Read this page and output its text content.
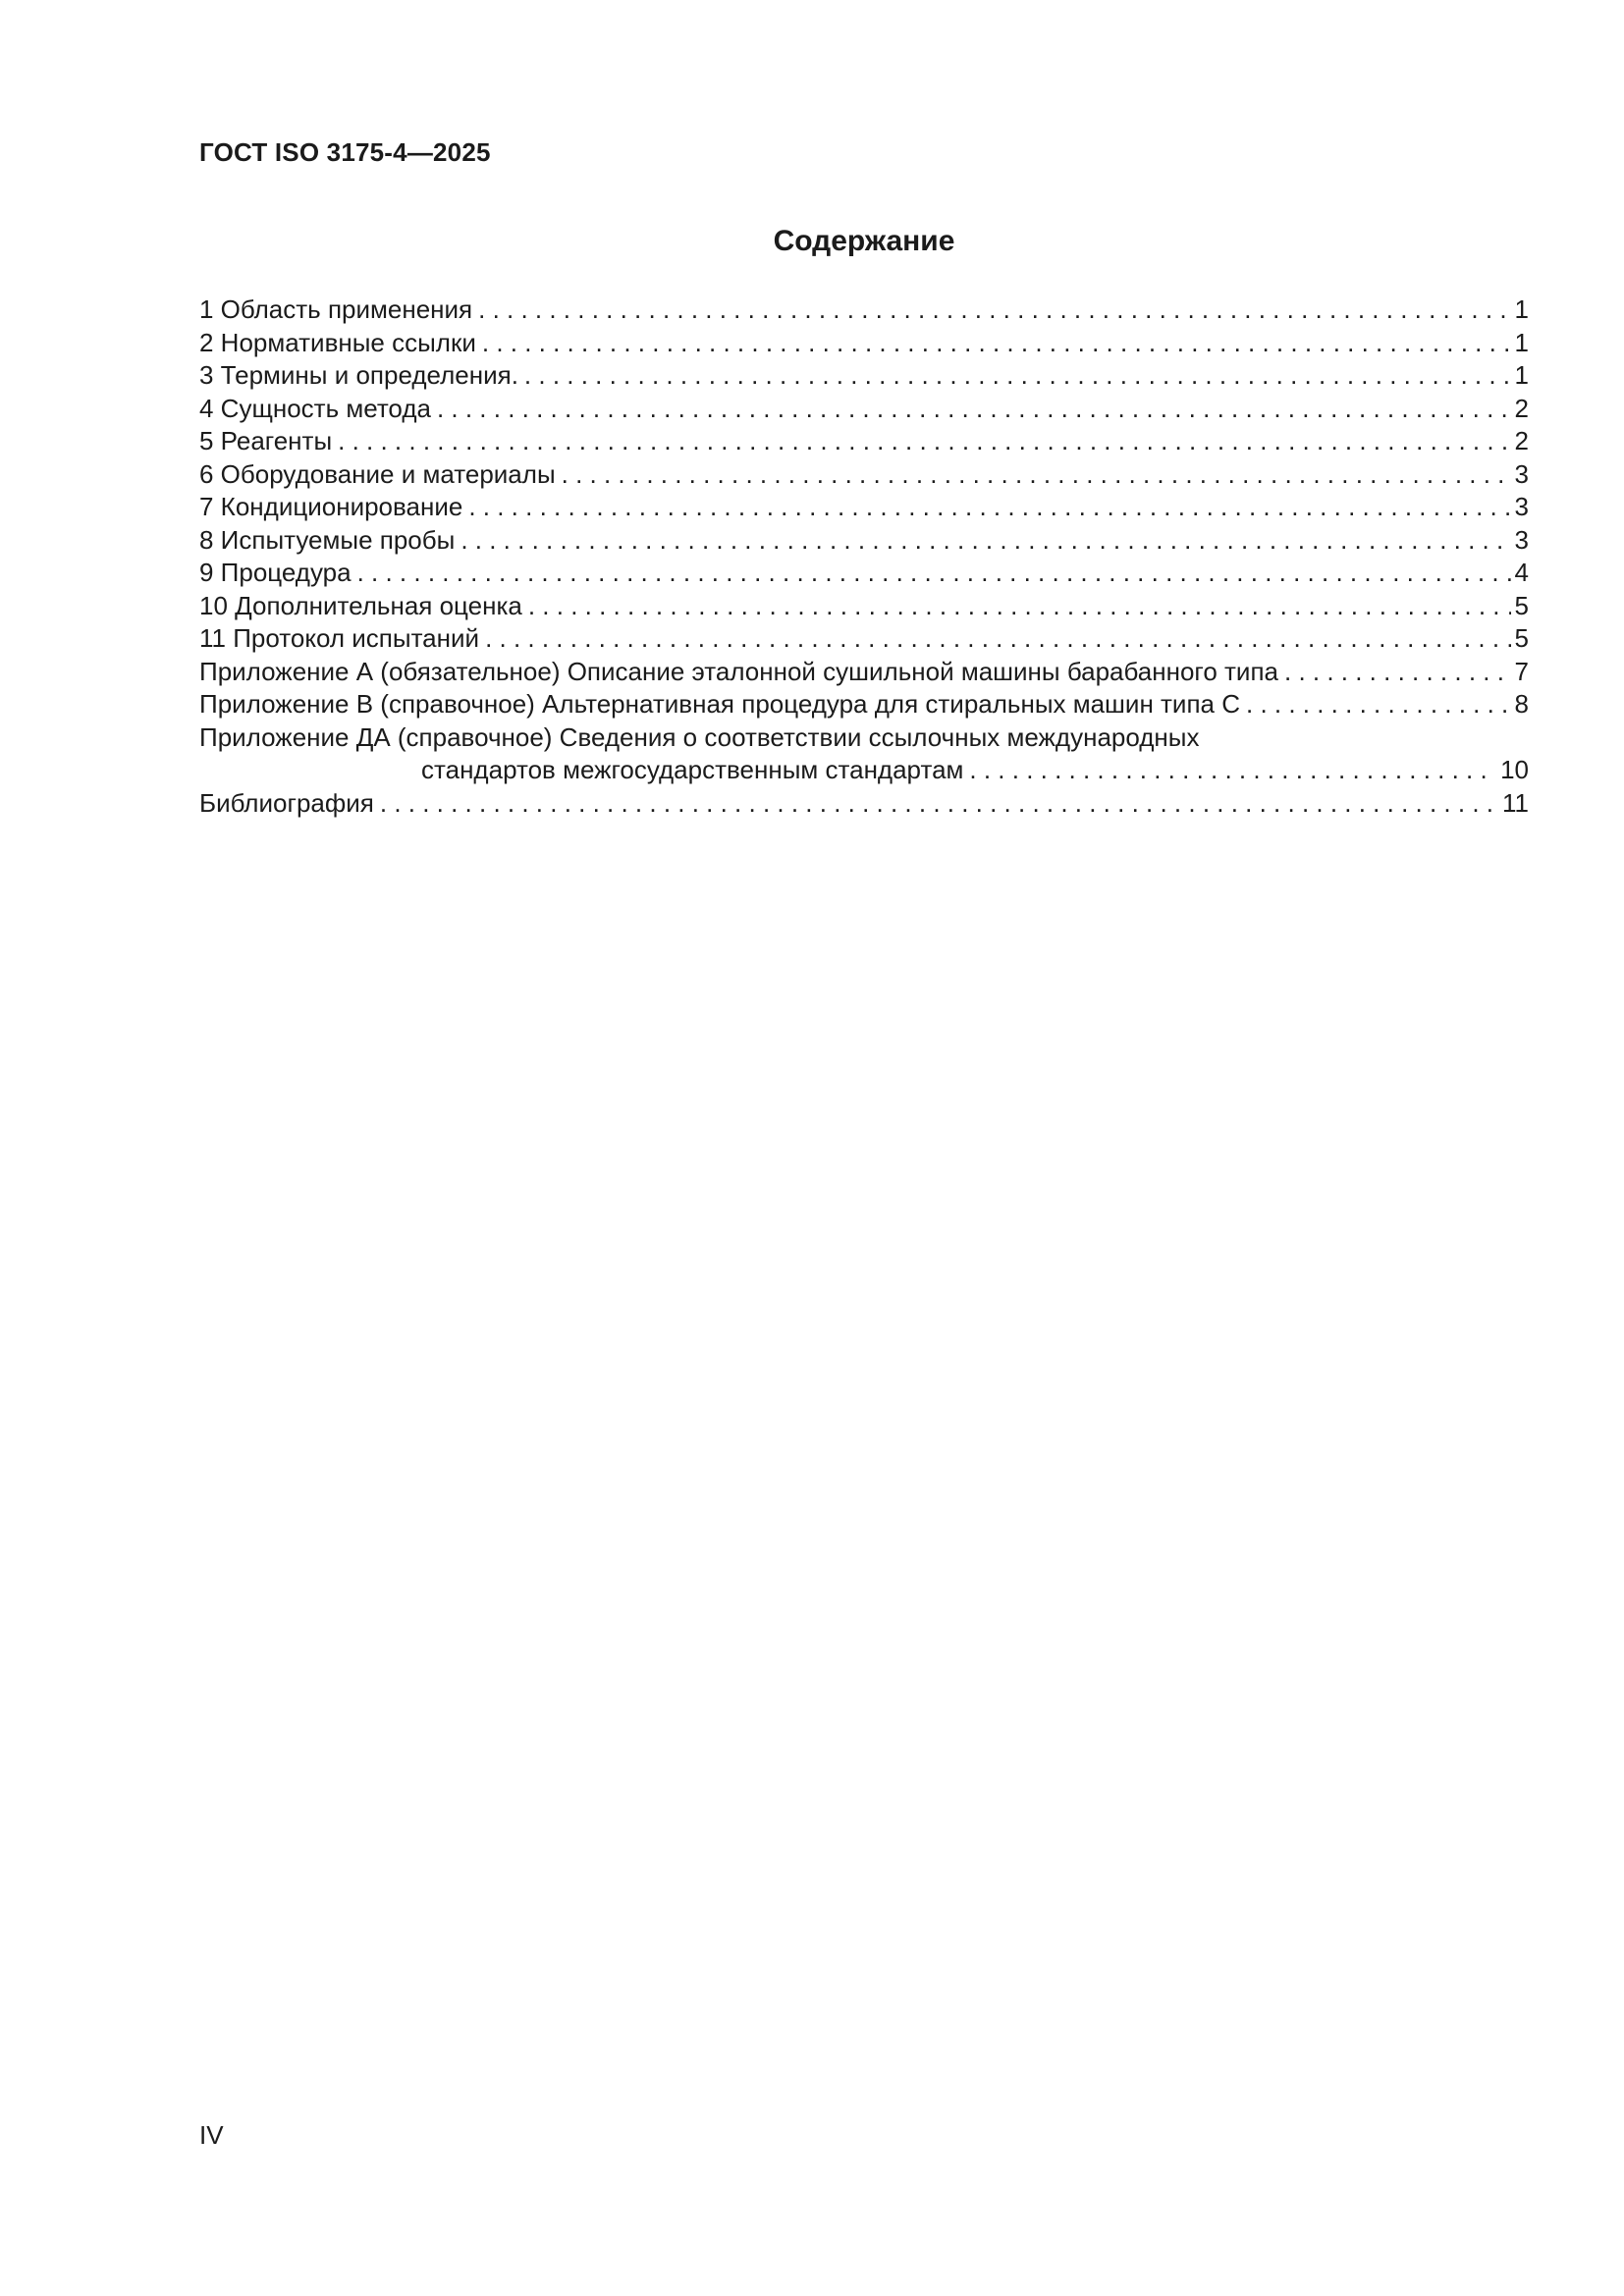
ГОСТ ISO 3175-4—2025
Содержание
1 Область применения . . .	1
2 Нормативные ссылки . . .	1
3 Термины и определения. . . .	1
4 Сущность метода . . .	2
5 Реагенты . . .	2
6 Оборудование и материалы . . .	3
7 Кондиционирование . . .	3
8 Испытуемые пробы . . .	3
9 Процедура . . .	4
10 Дополнительная оценка . . .	5
11 Протокол испытаний . . .	5
Приложение А (обязательное) Описание эталонной сушильной машины барабанного типа . . .	7
Приложение В (справочное) Альтернативная процедура для стиральных машин типа С . . .	8
Приложение ДА (справочное) Сведения о соответствии ссылочных международных
стандартов межгосударственным стандартам . . .	10
Библиография . . .	11
IV
